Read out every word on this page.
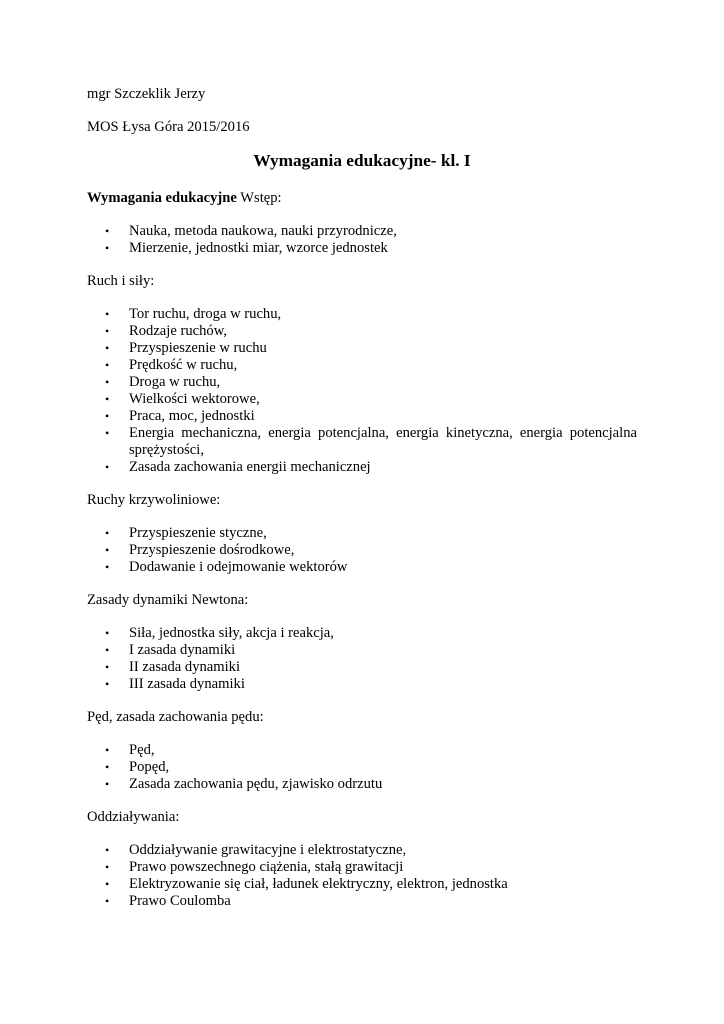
mgr Szczeklik Jerzy
MOS Łysa Góra 2015/2016
Wymagania edukacyjne- kl. I

Wymagania edukacyjne Wstęp:

• Nauka, metoda naukowa, nauki przyrodnicze,
• Mierzenie, jednostki miar, wzorce jednostek

Ruch i siły:

• Tor ruchu, droga w ruchu,
• Rodzaje ruchów,
• Przyspieszenie w ruchu
• Prędkość w ruchu,
• Droga w ruchu,
• Wielkości wektorowe,
• Praca, moc, jednostki
• Energia mechaniczna, energia potencjalna, energia kinetyczna, energia potencjalna sprężystości,
• Zasada zachowania energii mechanicznej

Ruchy krzywoliniowe:

• Przyspieszenie styczne,
• Przyspieszenie dośrodkowe,
• Dodawanie i odejmowanie wektorów

Zasady dynamiki Newtona:

• Siła, jednostka siły, akcja i reakcja,
• I zasada dynamiki
• II zasada dynamiki
• III zasada dynamiki

Pęd, zasada zachowania pędu:

• Pęd,
• Popęd,
• Zasada zachowania pędu, zjawisko odrzutu

Oddziaływania:

• Oddziaływanie grawitacyjne i elektrostatyczne,
• Prawo powszechnego ciążenia, stałą grawitacji
• Elektryzowanie się ciał, ładunek elektryczny, elektron, jednostka
• Prawo Coulomba
